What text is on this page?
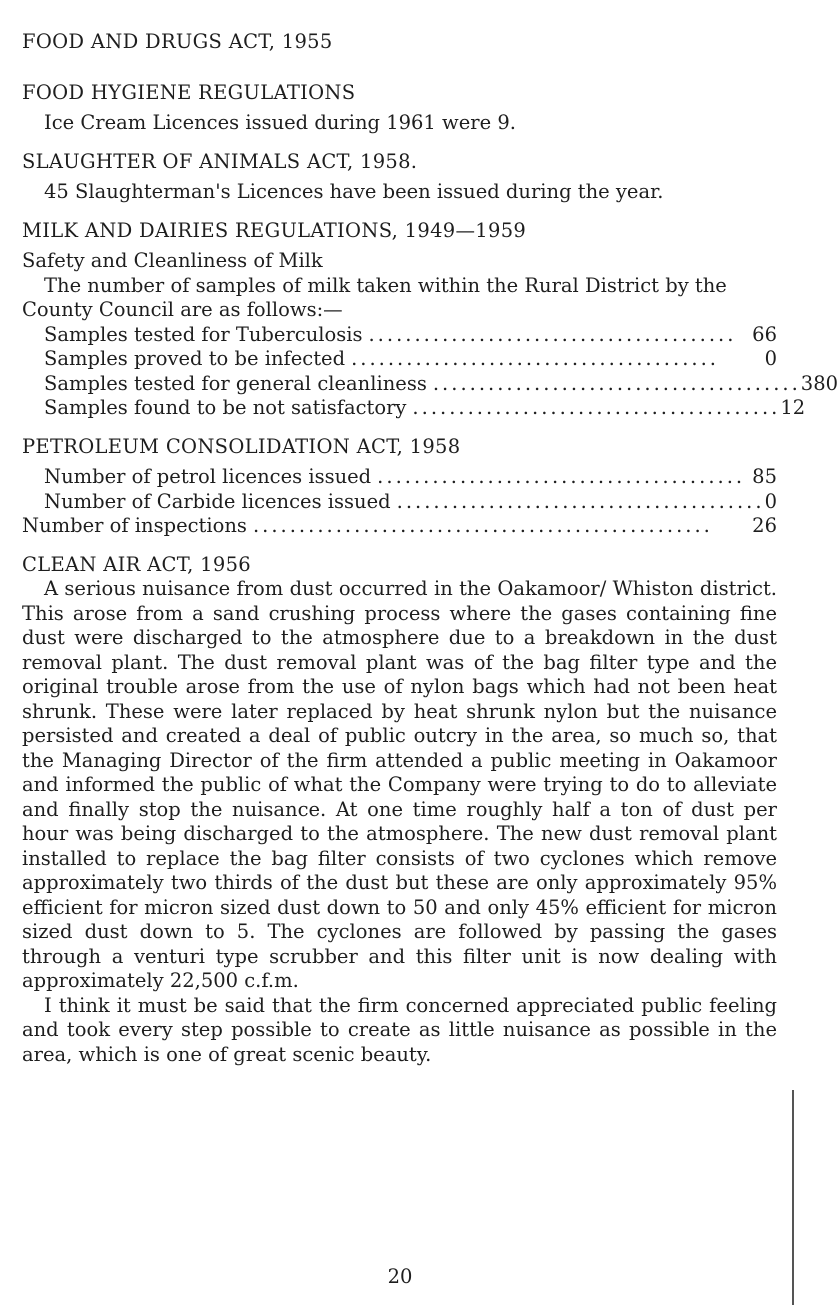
FOOD AND DRUGS ACT, 1955
FOOD HYGIENE REGULATIONS

Ice Cream Licences issued during 1961 were 9.

SLAUGHTER OF ANIMALS ACT, 1958.

45 Slaughterman's Licences have been issued during the year.

MILK AND DAIRIES REGULATIONS, 1949—1959

Safety and Cleanliness of Milk

The number of samples of milk taken within the Rural District by the County Council are as follows:—

Samples tested for Tuberculosis ........................................ 66
Samples proved to be infected ........................................	0
Samples tested for general cleanliness ........................................ 380
Samples found to be not satisfactory ........................................ 12
PETROLEUM CONSOLIDATION ACT, 1958
Number of petrol licences issued ........................................ 85
Number of Carbide licences issued ........................................ 0
Number of inspections ..................................................	26
CLEAN AIR ACT, 1956

A serious nuisance from dust occurred in the Oakamoor/ Whiston district. This arose from a sand crushing process where the gases containing fine dust were discharged to the atmosphere due to a breakdown in the dust removal plant. The dust removal plant was of the bag filter type and the original trouble arose from the use of nylon bags which had not been heat shrunk. These were later replaced by heat shrunk nylon but the nuisance persisted and created a deal of public outcry in the area, so much so, that the Managing Director of the firm attended a public meeting in Oakamoor and informed the public of what the Company were trying to do to alleviate and finally stop the nuisance. At one time roughly half a ton of dust per hour was being discharged to the atmosphere. The new dust removal plant installed to replace the bag filter consists of two cyclones which remove approximately two thirds of the dust but these are only approximately 95% efficient for micron sized dust down to 50 and only 45% efficient for micron sized dust down to 5. The cyclones are followed by passing the gases through a venturi type scrubber and this filter unit is now dealing with approximately 22,500 c.f.m.

I think it must be said that the firm concerned appreciated public feeling and took every step possible to create as little nuisance as possible in the area, which is one of great scenic beauty.

20
